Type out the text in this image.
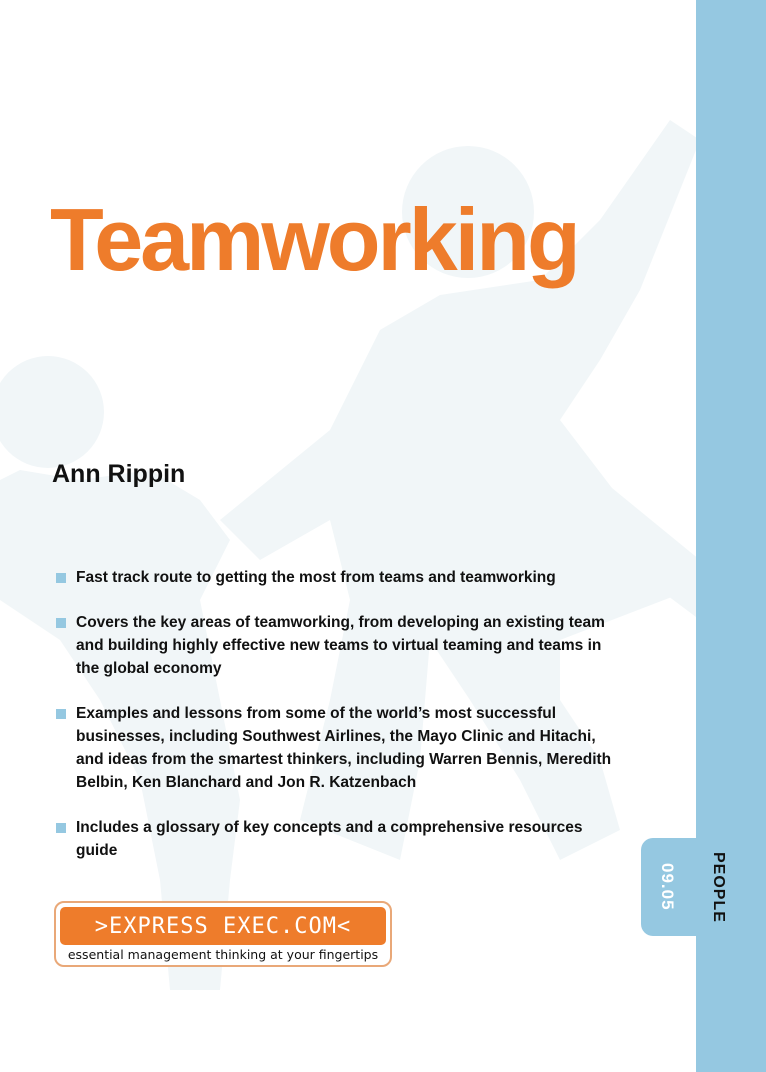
09.05	PEOPLE
Teamworking
Ann Rippin
Fast track route to getting the most from teams and teamworking
Covers the key areas of teamworking, from developing an existing team and building highly effective new teams to virtual teaming and teams in the global economy
Examples and lessons from some of the world’s most successful businesses, including Southwest Airlines, the Mayo Clinic and Hitachi, and ideas from the smartest thinkers, including Warren Bennis, Meredith Belbin, Ken Blanchard and Jon R. Katzenbach
Includes a glossary of key concepts and a comprehensive resources guide
>EXPRESS EXEC.COM<
essential management thinking at your fingertips
